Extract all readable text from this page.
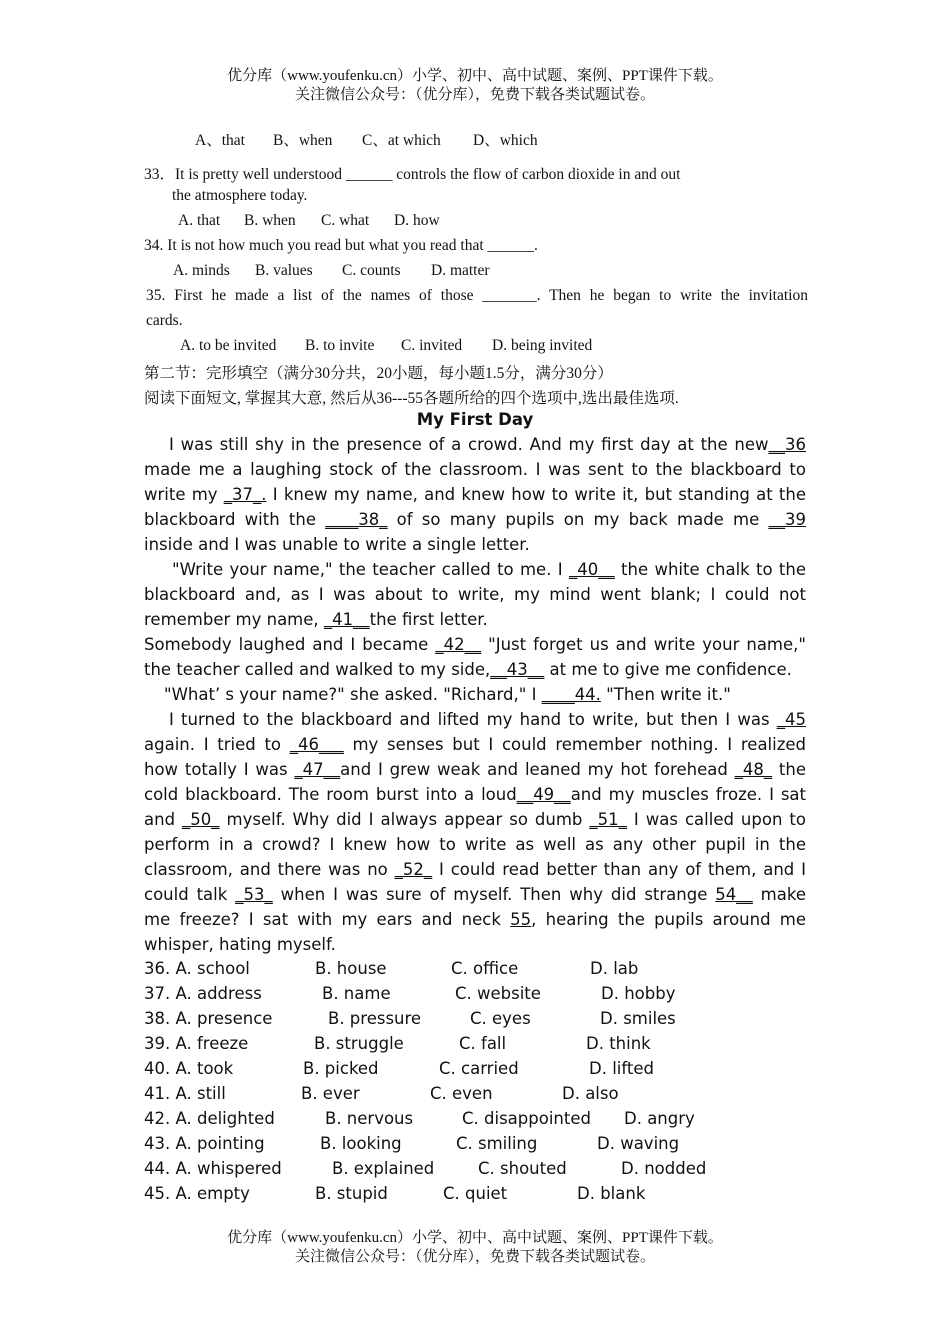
优分库（www.youfenku.cn）小学、初中、高中试题、案例、PPT课件下载。
关注微信公众号：（优分库），免费下载各类试题试卷。
A、that B、when C、at which D、which
33．It is pretty well understood ______ controls the flow of carbon dioxide in and out
the atmosphere today.
A. that B. when C. what D. how
34. It is not how much you read but what you read that ______.
A. minds B. values C. counts D. matter
35. First he made a list of the names of those _______. Then he began to write the invitation
cards.
A. to be invited B. to invite C. invited D. being invited
第二节：完形填空（满分30分共，20小题，每小题1.5分，满分30分）
阅读下面短文, 掌握其大意, 然后从36---55各题所给的四个选项中,选出最佳选项.
My First Day
I was still shy in the presence of a crowd. And my first day at the new__36
made me a laughing stock of the classroom. I was sent to the blackboard to
write my _37_. I knew my name, and knew how to write it, but standing at the
blackboard with the ____38_ of so many pupils on my back made me __39
inside and I was unable to write a single letter.
"Write your name," the teacher called to me. I _40__ the white chalk to the
blackboard and, as I was about to write, my mind went blank; I could not
remember my name, _41__the first letter.
Somebody laughed and I became _42__ "Just forget us and write your name,"
the teacher called and walked to my side,__43__ at me to give me confidence.
"What’ s your name?" she asked. "Richard," I ____44. "Then write it."
I turned to the blackboard and lifted my hand to write, but then I was _45
again. I tried to _46___ my senses but I could remember nothing. I realized
how totally I was _47__and I grew weak and leaned my hot forehead _48_ the
cold blackboard. The room burst into a loud__49__and my muscles froze. I sat
and _50_ myself. Why did I always appear so dumb _51_ I was called upon to
perform in a crowd? I knew how to write as well as any other pupil in the
classroom, and there was no _52_ I could read better than any of them, and I
could talk _53_ when I was sure of myself. Then why did strange 54__ make
me freeze? I sat with my ears and neck 55, hearing the pupils around me
whisper, hating myself.
36. A. school	B. house	C. office	D. lab
37. A. address	B. name	C. website	D. hobby
38. A. presence	B. pressure	C. eyes	D. smiles
39. A. freeze	B. struggle	C. fall	D. think
40. A. took	B. picked	C. carried	D. lifted
41. A. still	B. ever	C. even	D. also
42. A. delighted	B. nervous	C. disappointed D. angry
43. A. pointing	B. looking	C. smiling	D. waving
44. A. whispered	B. explained	C. shouted	D. nodded
45. A. empty	B. stupid	C. quiet	D. blank
优分库（www.youfenku.cn）小学、初中、高中试题、案例、PPT课件下载。
关注微信公众号：（优分库），免费下载各类试题试卷。
